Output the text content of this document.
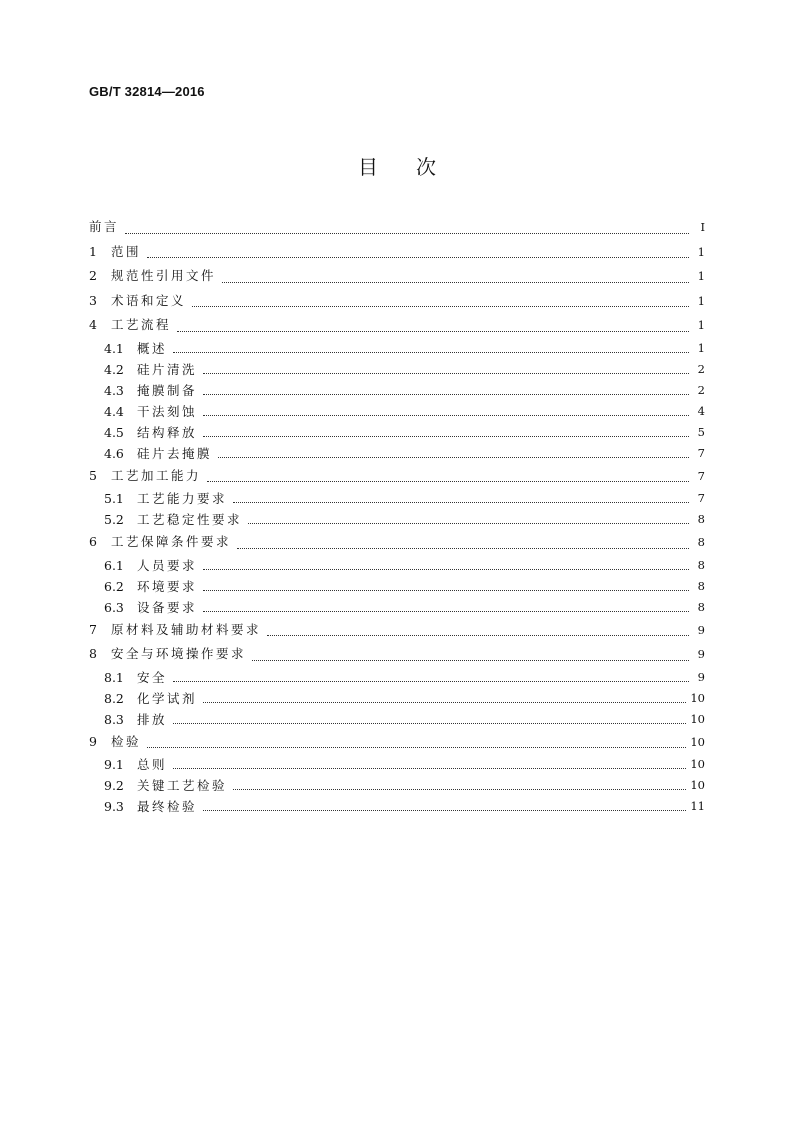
GB/T 32814—2016
目次
前言	I
1	范围	1
2	规范性引用文件	1
3	术语和定义	1
4	工艺流程	1
4.1	概述	1
4.2	硅片清洗	2
4.3	掩膜制备	2
4.4	干法刻蚀	4
4.5	结构释放	5
4.6	硅片去掩膜	7
5	工艺加工能力	7
5.1	工艺能力要求	7
5.2	工艺稳定性要求	8
6	工艺保障条件要求	8
6.1	人员要求	8
6.2	环境要求	8
6.3	设备要求	8
7	原材料及辅助材料要求	9
8	安全与环境操作要求	9
8.1	安全	9
8.2	化学试剂	10
8.3	排放	10
9	检验	10
9.1	总则	10
9.2	关键工艺检验	10
9.3	最终检验	11
